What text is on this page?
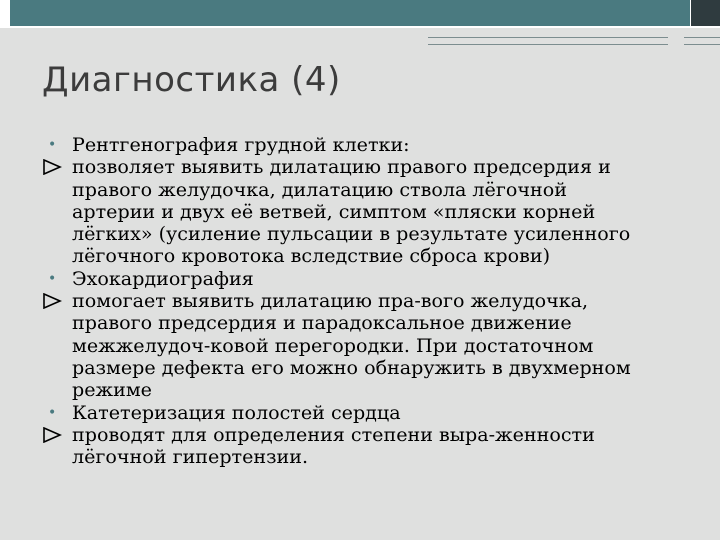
Диагностика (4)
• Рентгенография грудной клетки:
позволяет выявить дилатацию правого предсердия и
правого желудочка, дилатацию ствола лёгочной
артерии и двух её ветвей, симптом «пляски корней
лёгких» (усиление пульсации в результате усиленного
лёгочного кровотока вследствие сброса крови)
• Эхокардиография
помогает выявить дилатацию пра-вого желудочка,
правого предсердия и парадоксальное движение
межжелудоч-ковой перегородки. При достаточном
размере дефекта его можно обнаружить в двухмерном
режиме
• Катетеризация полостей сердца
проводят для определения степени выра-женности
лёгочной гипертензии.
